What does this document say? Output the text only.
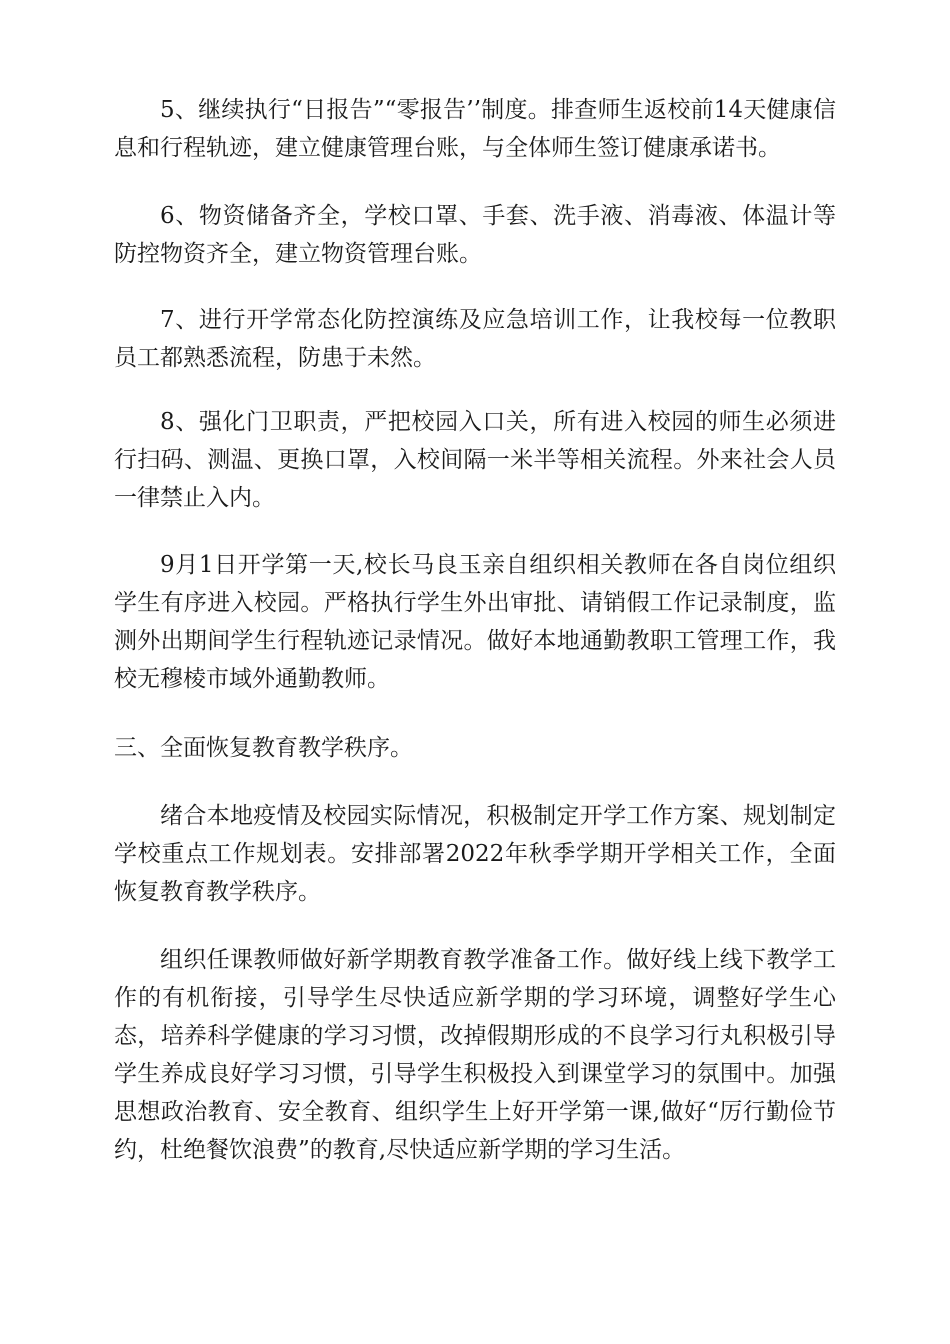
5、继续执行“日报告”“零报告’’制度。排查师生返校前14天健康信息和行程轨迹，建立健康管理台账，与全体师生签订健康承诺书。

6、物资储备齐全，学校口罩、手套、洗手液、消毒液、体温计等防控物资齐全，建立物资管理台账。

7、进行开学常态化防控演练及应急培训工作，让我校每一位教职员工都熟悉流程，防患于未然。

8、强化门卫职责，严把校园入口关，所有进入校园的师生必须进行扫码、测温、更换口罩，入校间隔一米半等相关流程。外来社会人员一律禁止入内。

9月1日开学第一天,校长马良玉亲自组织相关教师在各自岗位组织学生有序进入校园。严格执行学生外出审批、请销假工作记录制度，监测外出期间学生行程轨迹记录情况。做好本地通勤教职工管理工作，我校无穆棱市域外通勤教师。

三、全面恢复教育教学秩序。

绪合本地疫情及校园实际情况，积极制定开学工作方案、规划制定学校重点工作规划表。安排部署2022年秋季学期开学相关工作，全面恢复教育教学秩序。

组织任课教师做好新学期教育教学准备工作。做好线上线下教学工作的有机衔接，引导学生尽快适应新学期的学习环境，调整好学生心态，培养科学健康的学习习惯，改掉假期形成的不良学习行丸积极引导学生养成良好学习习惯，引导学生积极投入到课堂学习的氛围中。加强思想政治教育、安全教育、组织学生上好开学第一课,做好“厉行勤俭节约，杜绝餐饮浪费”的教育,尽快适应新学期的学习生活。
